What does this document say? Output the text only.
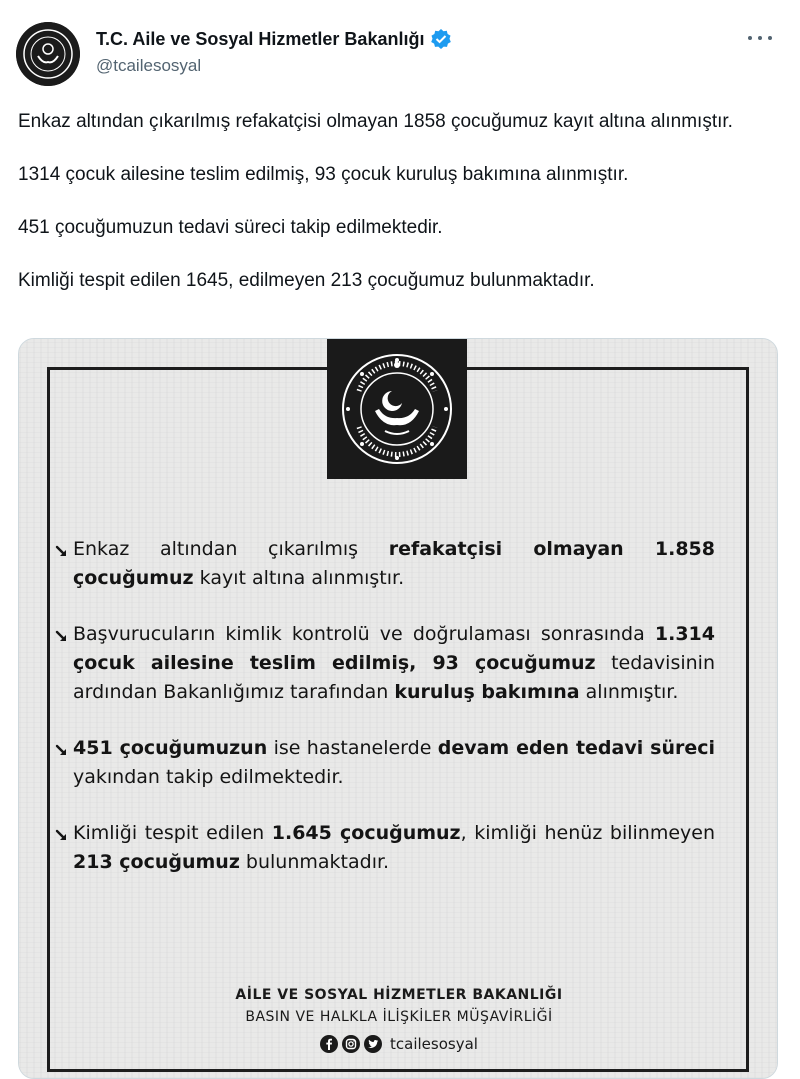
T.C. Aile ve Sosyal Hizmetler Bakanlığı
@tcailesosyal

Enkaz altından çıkarılmış refakatçisi olmayan 1858 çocuğumuz kayıt altına alınmıştır.

1314 çocuk ailesine teslim edilmiş, 93 çocuk kuruluş bakımına alınmıştır.

451 çocuğumuzun tedavi süreci takip edilmektedir.

Kimliği tespit edilen 1645, edilmeyen 213 çocuğumuz bulunmaktadır.

Enkaz altından çıkarılmış refakatçisi olmayan 1.858 çocuğumuz kayıt altına alınmıştır.
Başvurucuların kimlik kontrolü ve doğrulaması sonrasında 1.314 çocuk ailesine teslim edilmiş, 93 çocuğumuz tedavisinin ardından Bakanlığımız tarafından kuruluş bakımına alınmıştır.
451 çocuğumuzun ise hastanelerde devam eden tedavi süreci yakından takip edilmektedir.
Kimliği tespit edilen 1.645 çocuğumuz, kimliği henüz bilinmeyen 213 çocuğumuz bulunmaktadır.
AİLE VE SOSYAL HİZMETLER BAKANLIĞI
BASIN VE HALKLA İLİŞKİLER MÜŞAVİRLİĞİ
tcailesosyal
